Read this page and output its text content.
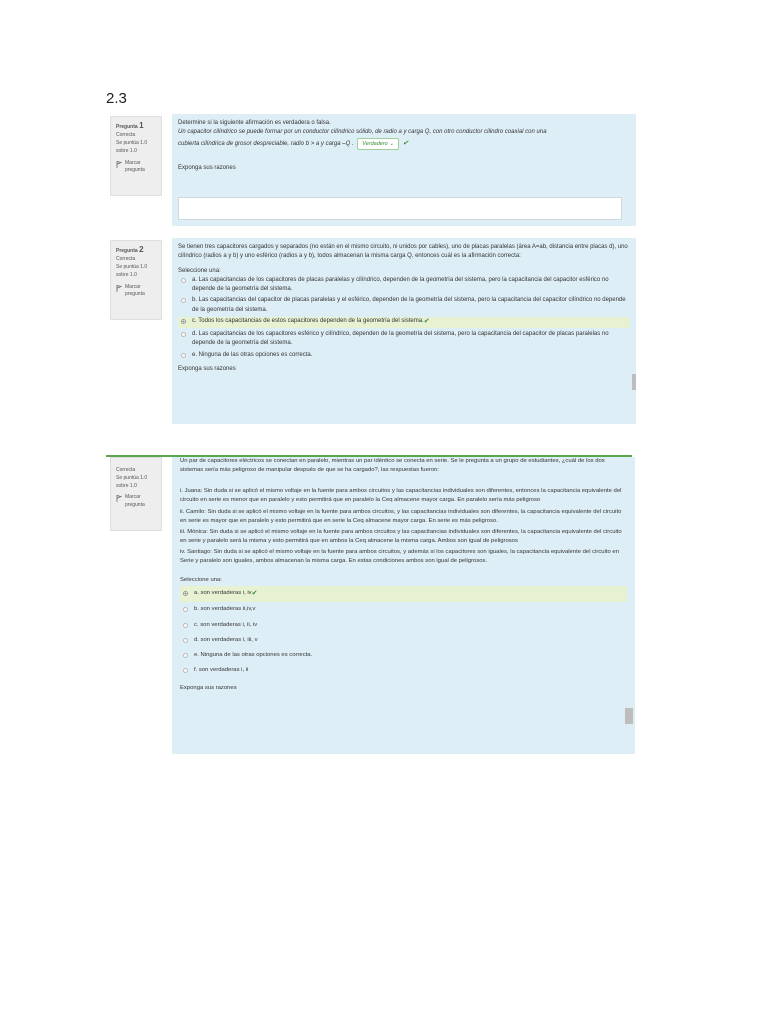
2.3
Pregunta 1
Correcta
Se puntúa 1.0 sobre 1.0
Marcar pregunta

Determine si la siguiente afirmación es verdadera o falsa.

Un capacitor cilíndrico se puede formar por un conductor cilíndrico sólido, de radio a y carga Q, con otro conductor cilindro coaxial con una

cubierta cilíndrica de grosor despreciable, radio b > a y carga –Q . Verdadero ⌄ ✔

Exponga sus razones

Pregunta 2
Correcta
Se puntúa 1.0 sobre 1.0
Marcar pregunta

Se tienen tres capacitores cargados y separados (no están en el mismo circuito, ni unidos por cables), uno de placas paralelas (área A=ab, distancia entre placas d), uno cilíndrico (radios a y b) y uno esférico (radios a y b), todos almacenan la misma carga Q, entonces cuál es la afirmación correcta:

Seleccione una:

a. Las capacitancias de los capacitores de placas paralelas y cilíndrico, dependen de la geometría del sistema, pero la capacitancia del capacitor esférico no depende de la geometría del sistema.
b. Las capacitancias del capacitor de placas paralelas y el esférico, dependen de la geometría del sistema, pero la capacitancia del capacitor cilíndrico no depende de la geometría del sistema.
c. Todos los capacitancias de estos capacitores dependen de la geometría del sistema. ✔
d. Las capacitancias de los capacitores esférico y cilíndrico, dependen de la geometría del sistema, pero la capacitancia del capacitor de placas paralelas no depende de la geometría del sistema.
e. Ninguna de las otras opciones es correcta.

Exponga sus razones

Correcta
Se puntúa 1.0 sobre 1.0
Marcar pregunta

Un par de capacitores eléctricos se conectan en paralelo, mientras un par idéntico se conecta en serie. Se le pregunta a un grupo de estudiantes, ¿cuál de los dos sistemas sería más peligroso de manipular después de que se ha cargado?, las respuestas fueron:

i. Juana: Sin duda si se aplicó el mismo voltaje en la fuente para ambos circuitos y las capacitancias individuales son diferentes, entonces la capacitancia equivalente del circuito en serie es menor que en paralelo y esto permitirá que en paralelo la Ceq almacene mayor carga. En paralelo sería más peligroso

ii. Camilo: Sin duda si se aplicó el mismo voltaje en la fuente para ambos circuitos, y las capacitancias individuales son diferentes, la capacitancia equivalente del circuito en serie es mayor que en paralelo y esto permitirá que en serie la Ceq almacene mayor carga. En serie es más peligroso.

iii. Mónica: Sin duda si se aplicó el mismo voltaje en la fuente para ambos circuitos y las capacitancias individuales son diferentes, la capacitancia equivalente del circuito en serie y paralelo será la misma y esto permitirá que en ambos la Ceq almacene la misma carga. Ambos son igual de peligrosos

iv. Santiago: Sin duda si se aplicó el mismo voltaje en la fuente para ambos circuitos, y además si los capacitores son iguales, la capacitancia equivalente del circuito en Serie y paralelo son iguales, ambos almacenan la misma carga. En estas condiciones ambos son igual de peligrosos.

Seleccione una:

a. son verdaderas i, iv ✔
b. son verdaderas ii,iv,v
c. son verdaderas i, ii, iv
d. son verdaderas i, iii, v
e. Ninguna de las otras opciones es correcta.
f. son verdaderas i, ii

Exponga sus razones
